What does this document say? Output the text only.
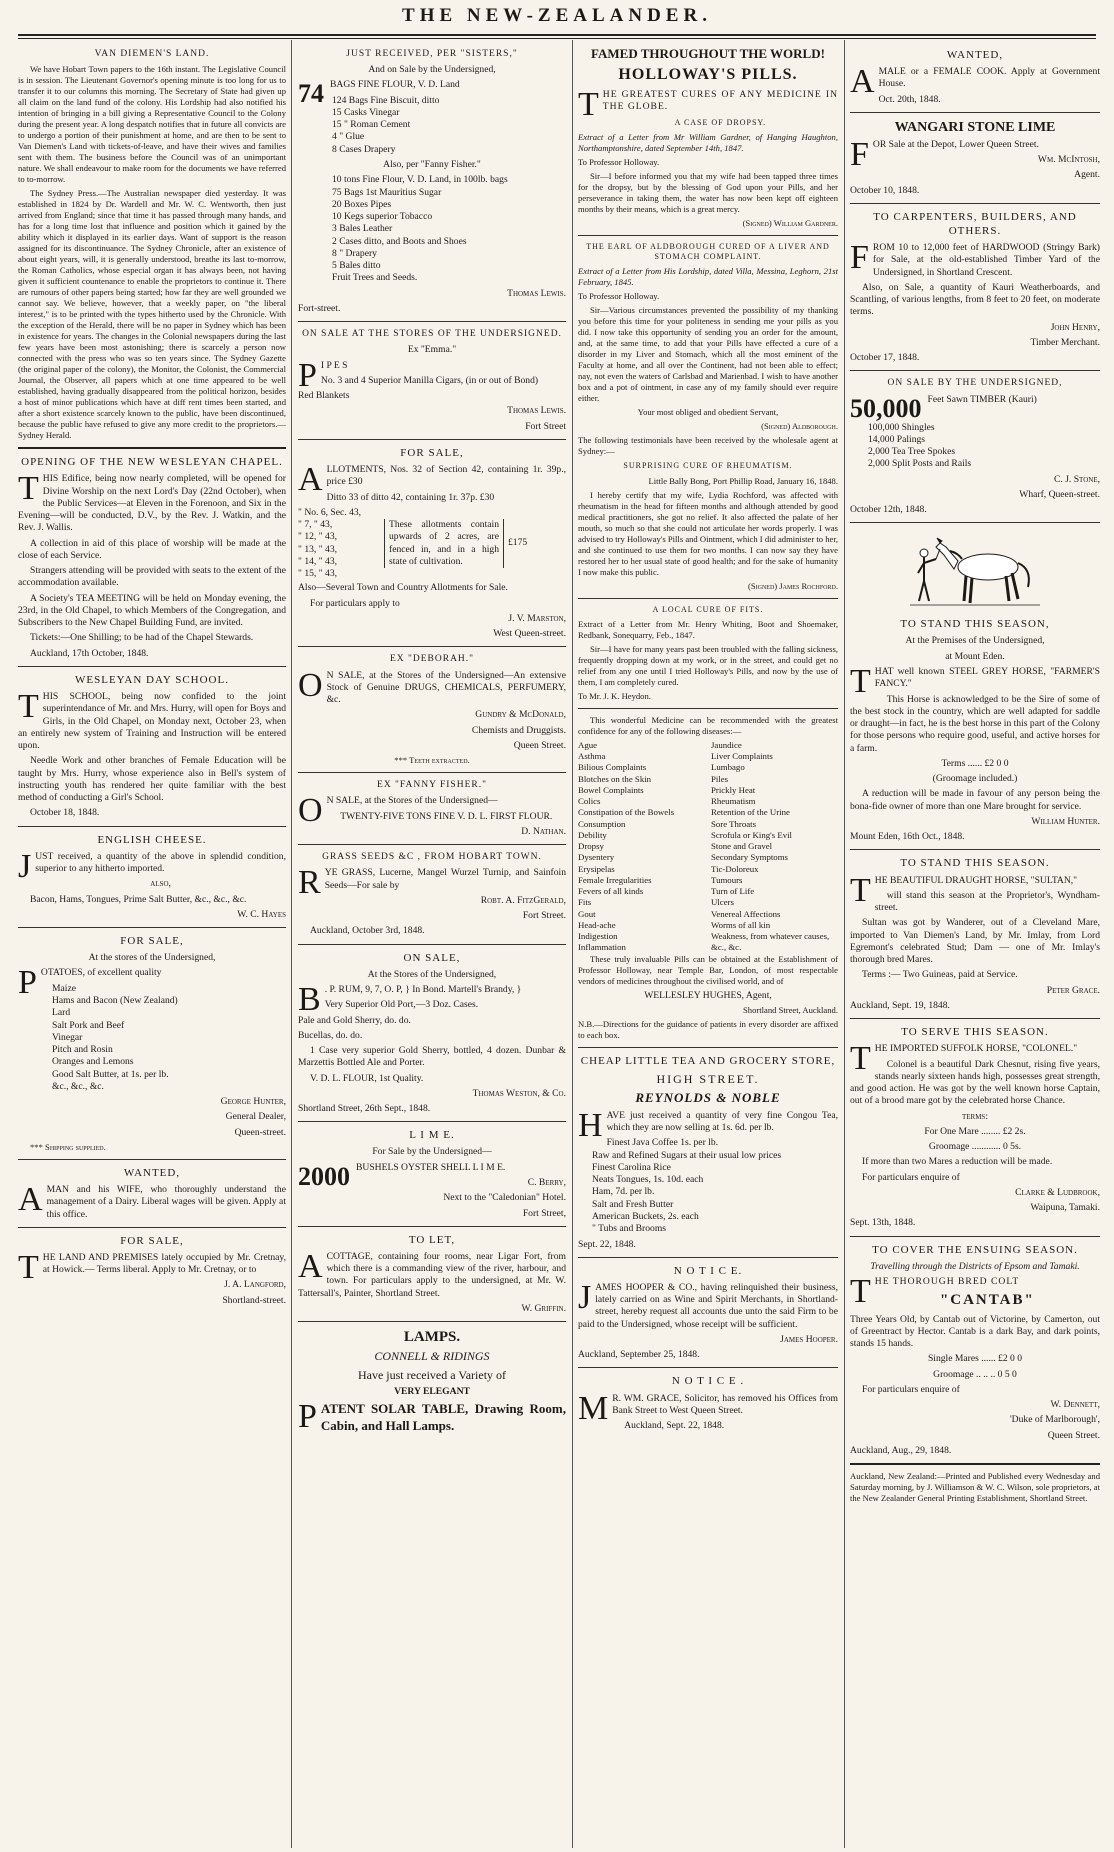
THE NEW-ZEALANDER.
VAN DIEMEN'S LAND.

We have Hobart Town papers to the 16th instant. The Legislative Council is in session. The Lieutenant Governor's opening minute is too long for us to transfer it to our columns this morning. The Secretary of State had given up all claim on the land fund of the colony. His Lordship had also notified his intention of bringing in a bill giving a Representative Council to the Colony during the present year. A long despatch notifies that in future all convicts are to undergo a portion of their punishment at home, and are then to be sent to Van Diemen's Land with tickets-of-leave, and have their wives and families sent with them. The business before the Council was of an unimportant nature. We shall endeavour to make room for the documents we have referred to to-morrow.

The Sydney Press.—The Australian newspaper died yesterday. It was established in 1824 by Dr. Wardell and Mr. W. C. Wentworth, then just arrived from England; since that time it has passed through many hands, and has for a long time lost that influence and position which it gained by the ability which it displayed in its earlier days. Want of support is the reason assigned for its discontinuance. The Sydney Chronicle, after an existence of about eight years, will, it is generally understood, breathe its last to-morrow, the Roman Catholics, whose especial organ it has always been, not having given it sufficient countenance to enable the proprietors to continue it. There are rumours of other papers being started; how far they are well grounded we cannot say. We believe, however, that a weekly paper, on "the liberal interest," is to be printed with the types hitherto used by the Chronicle. With the exception of the Herald, there will be no paper in Sydney which has been in existence for years. The changes in the Colonial newspapers during the last few years have been most astonishing; there is scarcely a person now connected with the press who was so ten years since. The Sydney Gazette (the original paper of the colony), the Monitor, the Colonist, the Commercial Journal, the Observer, all papers which at one time appeared to be well established, having gradually disappeared from the political horizon, besides a host of minor publications which have at diff rent times been started, and after a short existence scarcely known to the public, have been discontinued, because the public have refused to give any more credit to the proprietors.—Sydney Herald.

OPENING OF THE NEW WESLEYAN CHAPEL.

THIS Edifice, being now nearly completed, will be opened for Divine Worship on the next Lord's Day (22nd October), when the Public Services—at Eleven in the Forenoon, and Six in the Evening—will be conducted, D.V., by the Rev. J. Watkin, and the Rev. J. Wallis.

A collection in aid of this place of worship will be made at the close of each Service.

Strangers attending will be provided with seats to the extent of the accommodation available.

A Society's TEA MEETING will be held on Monday evening, the 23rd, in the Old Chapel, to which Members of the Congregation, and Subscribers to the New Chapel Building Fund, are invited.

Tickets:—One Shilling; to be had of the Chapel Stewards.

Auckland, 17th October, 1848.

WESLEYAN DAY SCHOOL.

THIS SCHOOL, being now confided to the joint superintendance of Mr. and Mrs. Hurry, will open for Boys and Girls, in the Old Chapel, on Monday next, October 23, when an entirely new system of Training and Instruction will be entered upon.

Needle Work and other branches of Female Education will be taught by Mrs. Hurry, whose experience also in Bell's system of instructing youth has rendered her quite familiar with the best method of conducting a Girl's School.

October 18, 1848.

ENGLISH CHEESE.

JUST received, a quantity of the above in splendid condition, superior to any hitherto imported.

also,

Bacon, Hams, Tongues, Prime Salt Butter, &c., &c., &c.

W. C. Hayes

FOR SALE,

At the stores of the Undersigned,

POTATOES, of excellent quality

Maize
Hams and Bacon (New Zealand)
Lard
Salt Pork and Beef
Vinegar
Pitch and Rosin
Oranges and Lemons
Good Salt Butter, at 1s. per lb.
&c., &c., &c.

George Hunter,

General Dealer,

Queen-street.

*** Shipping supplied.

WANTED,

AMAN and his WIFE, who thoroughly understand the management of a Dairy. Liberal wages will be given. Apply at this office.

FOR SALE,

THE LAND AND PREMISES lately occupied by Mr. Cretnay, at Howick.— Terms liberal. Apply to Mr. Cretnay, or to

J. A. Langford,

Shortland-street.

JUST RECEIVED, PER "SISTERS,"

And on Sale by the Undersigned,

74 BAGS FINE FLOUR, V. D. Land

124 Bags Fine Biscuit, ditto
15 Casks Vinegar
15 " Roman Cement
4 " Glue
8 Cases Drapery

Also, per "Fanny Fisher."

10 tons Fine Flour, V. D. Land, in 100lb. bags
75 Bags 1st Mauritius Sugar
20 Boxes Pipes
10 Kegs superior Tobacco
3 Bales Leather
2 Cases ditto, and Boots and Shoes
8 " Drapery
5 Bales ditto
Fruit Trees and Seeds.

Thomas Lewis.

Fort-street.

ON SALE AT THE STORES OF THE UNDERSIGNED.

Ex "Emma."

P I P E S

No. 3 and 4 Superior Manilla Cigars, (in or out of Bond)

Red Blankets

Thomas Lewis.

Fort Street

FOR SALE,

ALLOTMENTS, Nos. 32 of Section 42, containing 1r. 39p., price £30

Ditto 33 of ditto 42, containing 1r. 37p. £30

" No. 6, Sec. 43,
" 7, " 43,
" 12, " 43,
" 13, " 43,
" 14, " 43,
" 15, " 43,
These allotments contain upwards of 2 acres, are fenced in, and in a high state of cultivation.
£175

Also—Several Town and Country Allotments for Sale.

For particulars apply to

J. V. Marston,

West Queen-street.

EX "DEBORAH."

O N SALE, at the Stores of the Undersigned—An extensive Stock of Genuine DRUGS, CHEMICALS, PERFUMERY, &c.

Gundry & McDonald,

Chemists and Druggists.

Queen Street.

*** Teeth extracted.

EX "FANNY FISHER."

O N SALE, at the Stores of the Undersigned—

TWENTY-FIVE TONS FINE V. D. L. FIRST FLOUR.

D. Nathan.

GRASS SEEDS &C , FROM HOBART TOWN.

RYE GRASS, Lucerne, Mangel Wurzel Turnip, and Sainfoin Seeds—For sale by

Robt. A. FitzGerald,

Fort Street.

Auckland, October 3rd, 1848.

ON SALE,

At the Stores of the Undersigned,

B . P. RUM, 9, 7, O. P, } In Bond. Martell's Brandy, }

Very Superior Old Port,—3 Doz. Cases.

Pale and Gold Sherry, do. do.

Bucellas, do. do.

1 Case very superior Gold Sherry, bottled, 4 dozen. Dunbar & Marzettis Bottled Ale and Porter.

V. D. L. FLOUR, 1st Quality.

Thomas Weston, & Co.

Shortland Street, 26th Sept., 1848.

L I M E.

For Sale by the Undersigned—

2000 BUSHELS OYSTER SHELL L I M E.

C. Berry,

Next to the "Caledonian" Hotel.

Fort Street,

TO LET,

ACOTTAGE, containing four rooms, near Ligar Fort, from which there is a commanding view of the river, harbour, and town. For particulars apply to the undersigned, at Mr. W. Tattersall's, Painter, Shortland Street.

W. Griffin.

LAMPS.

CONNELL & RIDINGS

Have just received a Variety of

VERY ELEGANT

PATENT SOLAR TABLE, Drawing Room, Cabin, and Hall Lamps.

FAMED THROUGHOUT THE WORLD!
HOLLOWAY'S PILLS.

THE GREATEST CURES OF ANY MEDICINE IN THE GLOBE.

A CASE OF DROPSY.

Extract of a Letter from Mr William Gardner, of Hanging Haughton, Northamptonshire, dated September 14th, 1847.

To Professor Holloway.

Sir—I before informed you that my wife had been tapped three times for the dropsy, but by the blessing of God upon your Pills, and her perseverance in taking them, the water has now been kept off eighteen months by their means, which is a great mercy.

(Signed) William Gardner.

THE EARL OF ALDBOROUGH CURED OF A LIVER AND STOMACH COMPLAINT.

Extract of a Letter from His Lordship, dated Villa, Messina, Leghorn, 21st February, 1845.

To Professor Holloway.

Sir—Various circumstances prevented the possibility of my thanking you before this time for your politeness in sending me your pills as you did. I now take this opportunity of sending you an order for the amount, and, at the same time, to add that your Pills have effected a cure of a disorder in my Liver and Stomach, which all the most eminent of the Faculty at home, and all over the Continent, had not been able to effect; nay, not even the waters of Carlsbad and Marienbad. I wish to have another box and a pot of ointment, in case any of my family should ever require either.

Your most obliged and obedient Servant,

(Signed) Aldborough.

The following testimonials have been received by the wholesale agent at Sydney:—

SURPRISING CURE OF RHEUMATISM.

Little Bally Bong, Port Phillip Road, January 16, 1848.

I hereby certify that my wife, Lydia Rochford, was affected with rheumatism in the head for fifteen months and although attended by good medical practitioners, she got no relief. It also affected the palate of her mouth, so much so that she could not articulate her words properly. I was advised to try Holloway's Pills and Ointment, which I did administer to her, and she continued to use them for two months. I can now say they have restored her to her usual state of good health; and for the sake of humanity I now make this public.

(Signed) James Rochford.

A LOCAL CURE OF FITS.

Extract of a Letter from Mr. Henry Whiting, Boot and Shoemaker, Redbank, Sonequarry, Feb., 1847.

Sir—I have for many years past been troubled with the falling sickness, frequently dropping down at my work, or in the street, and could get no relief from any one until I tried Holloway's Pills, and now by the use of them, I am completely cured.

To Mr. J. K. Heydon.

This wonderful Medicine can be recommended with the greatest confidence for any of the following diseases:—

Ague
Asthma
Bilious Complaints
Blotches on the Skin
Bowel Complaints
Colics
Constipation of the Bowels
Consumption
Debility
Dropsy
Dysentery
Erysipelas
Female Irregularities
Fevers of all kinds
Fits
Gout
Head-ache
Indigestion
Inflammation
Jaundice
Liver Complaints
Lumbago
Piles
Prickly Heat
Rheumatism
Retention of the Urine
Sore Throats
Scrofula or King's Evil
Stone and Gravel
Secondary Symptoms
Tic-Doloreux
Tumours
Turn of Life
Ulcers
Venereal Affections
Worms of all kin
Weakness, from whatever causes,
&c., &c.

These truly invaluable Pills can be obtained at the Establishment of Professor Holloway, near Temple Bar, London, of most respectable vendors of medicines throughout the civilised world, and of

WELLESLEY HUGHES, Agent,

Shortland Street, Auckland.

N.B.—Directions for the guidance of patients in every disorder are affixed to each box.

CHEAP LITTLE TEA AND GROCERY STORE,

HIGH STREET.

REYNOLDS & NOBLE

HAVE just received a quantity of very fine Congou Tea, which they are now selling at 1s. 6d. per lb.

Finest Java Coffee 1s. per lb.
Raw and Refined Sugars at their usual low prices
Finest Carolina Rice
Neats Tongues, 1s. 10d. each
Ham, 7d. per lb.
Salt and Fresh Butter
American Buckets, 2s. each
" Tubs and Brooms

Sept. 22, 1848.

N O T I C E.

JAMES HOOPER & CO., having relinquished their business, lately carried on as Wine and Spirit Merchants, in Shortland-street, hereby request all accounts due unto the said Firm to be paid to the Undersigned, whose receipt will be sufficient.

James Hooper.

Auckland, September 25, 1848.

N O T I C E .

M R. WM. GRACE, Solicitor, has removed his Offices from Bank Street to West Queen Street.

Auckland, Sept. 22, 1848.

WANTED,

AMALE or a FEMALE COOK. Apply at Government House.

Oct. 20th, 1848.

WANGARI STONE LIME

FOR Sale at the Depot, Lower Queen Street.

Wm. McIntosh,

Agent.

October 10, 1848.

TO CARPENTERS, BUILDERS, AND OTHERS.

FROM 10 to 12,000 feet of HARDWOOD (Stringy Bark) for Sale, at the old-established Timber Yard of the Undersigned, in Shortland Crescent.

Also, on Sale, a quantity of Kauri Weatherboards, and Scantling, of various lengths, from 8 feet to 20 feet, on moderate terms.

John Henry,

Timber Merchant.

October 17, 1848.

ON SALE BY THE UNDERSIGNED,

50,000 Feet Sawn TIMBER (Kauri)

100,000 Shingles
14,000 Palings
2,000 Tea Tree Spokes
2,000 Split Posts and Rails

C. J. Stone,

Wharf, Queen-street.

October 12th, 1848.

TO STAND THIS SEASON,

At the Premises of the Undersigned,

at Mount Eden.

THAT well known STEEL GREY HORSE, "FARMER'S FANCY."

This Horse is acknowledged to be the Sire of some of the best stock in the country, which are well adapted for saddle or draught—in fact, he is the best horse in this part of the Colony for those persons who require good, useful, and active horses for a farm.

Terms ...... £2 0 0

(Groomage included.)

A reduction will be made in favour of any person being the bona-fide owner of more than one Mare brought for service.

William Hunter.

Mount Eden, 16th Oct., 1848.

TO STAND THIS SEASON.

THE BEAUTIFUL DRAUGHT HORSE, "SULTAN,"

will stand this season at the Proprietor's, Wyndham-street.

Sultan was got by Wanderer, out of a Cleveland Mare, imported to Van Diemen's Land, by Mr. Imlay, from Lord Egremont's celebrated Stud; Dam — one of Mr. Imlay's thorough bred Mares.

Terms :— Two Guineas, paid at Service.

Peter Grace.

Auckland, Sept. 19, 1848.

TO SERVE THIS SEASON.

THE IMPORTED SUFFOLK HORSE, "COLONEL."

Colonel is a beautiful Dark Chesnut, rising five years, stands nearly sixteen hands high, possesses great strength, and good action. He was got by the well known horse Captain, out of a brood mare got by the celebrated horse Chance.

terms:

For One Mare ........ £2 2s.

Groomage ............ 0 5s.

If more than two Mares a reduction will be made.

For particulars enquire of

Clarke & Ludbrook,

Waipuna, Tamaki.

Sept. 13th, 1848.

TO COVER THE ENSUING SEASON.

Travelling through the Districts of Epsom and Tamaki.

THE THOROUGH BRED COLT

"CANTAB"

Three Years Old, by Cantab out of Victorine, by Camerton, out of Greentract by Hector. Cantab is a dark Bay, and dark points, stands 15 hands.

Single Mares ...... £2 0 0

Groomage .. .. .. 0 5 0

For particulars enquire of

W. Dennett,

'Duke of Marlborough',

Queen Street.

Auckland, Aug., 29, 1848.

Auckland, New Zealand:—Printed and Published every Wednesday and Saturday morning, by J. Williamson & W. C. Wilson, sole proprietors, at the New Zealander General Printing Establishment, Shortland Street.
